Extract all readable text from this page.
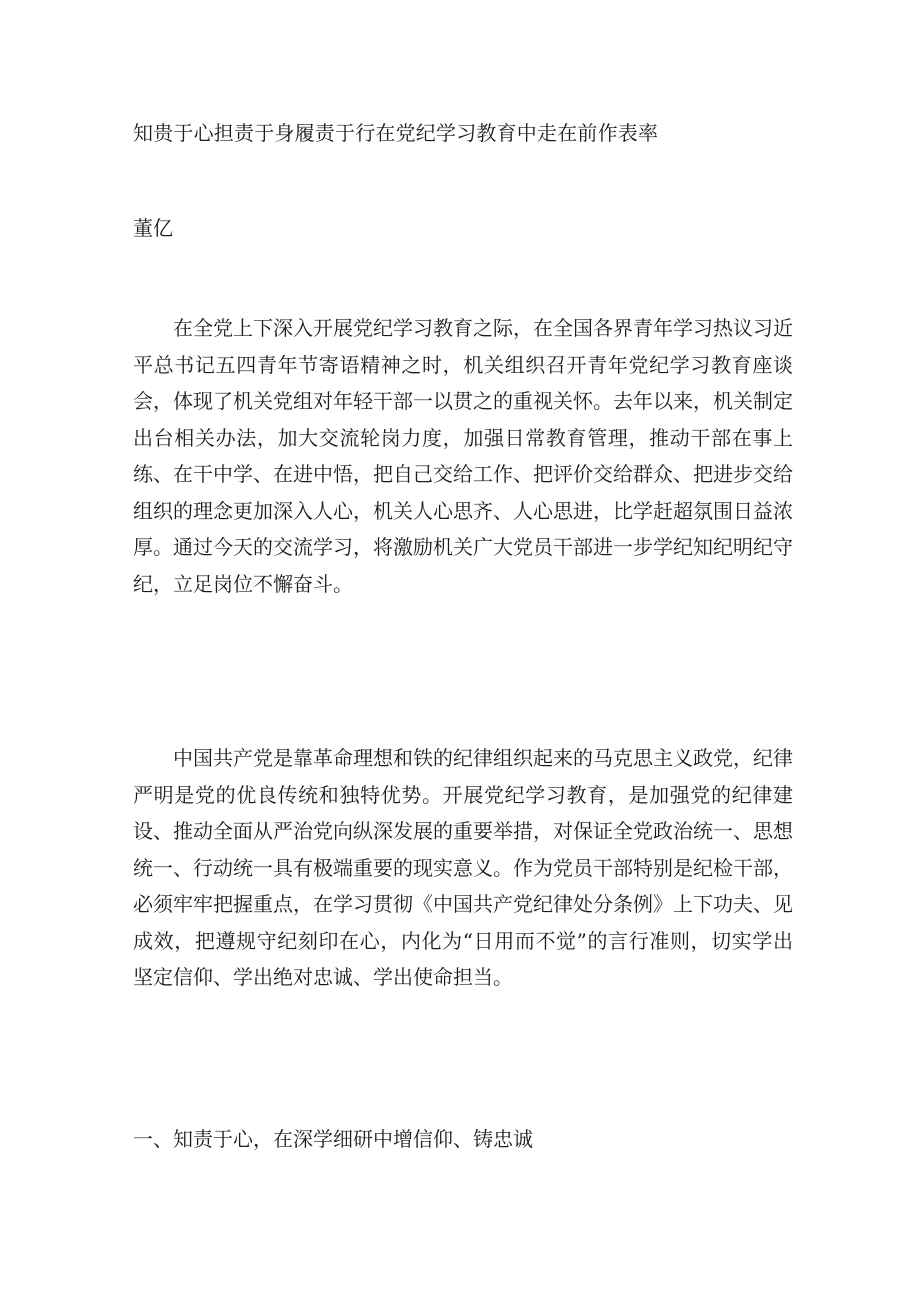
知贵于心担责于身履责于行在党纪学习教育中走在前作表率
董亿

在全党上下深入开展党纪学习教育之际，在全国各界青年学习热议习近平总书记五四青年节寄语精神之时，机关组织召开青年党纪学习教育座谈会，体现了机关党组对年轻干部一以贯之的重视关怀。去年以来，机关制定出台相关办法，加大交流轮岗力度，加强日常教育管理，推动干部在事上练、在干中学、在进中悟，把自己交给工作、把评价交给群众、把进步交给组织的理念更加深入人心，机关人心思齐、人心思进，比学赶超氛围日益浓厚。通过今天的交流学习，将激励机关广大党员干部进一步学纪知纪明纪守纪，立足岗位不懈奋斗。

中国共产党是靠革命理想和铁的纪律组织起来的马克思主义政党，纪律严明是党的优良传统和独特优势。开展党纪学习教育，是加强党的纪律建设、推动全面从严治党向纵深发展的重要举措，对保证全党政治统一、思想统一、行动统一具有极端重要的现实意义。作为党员干部特别是纪检干部，必须牢牢把握重点，在学习贯彻《中国共产党纪律处分条例》上下功夫、见成效，把遵规守纪刻印在心，内化为“日用而不觉”的言行准则，切实学出坚定信仰、学出绝对忠诚、学出使命担当。

一、知责于心，在深学细研中增信仰、铸忠诚
